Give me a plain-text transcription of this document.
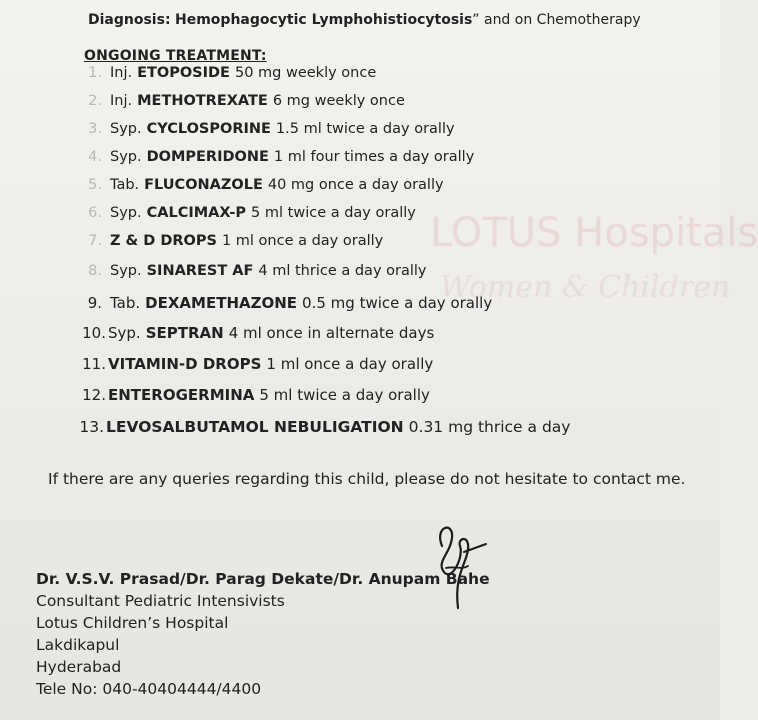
LOTUS Hospitals
Women & Children
Diagnosis: Hemophagocytic Lymphohistiocytosis” and on Chemotherapy
ONGOING TREATMENT:
1. Inj. ETOPOSIDE 50 mg weekly once
2. Inj. METHOTREXATE 6 mg weekly once
3. Syp. CYCLOSPORINE 1.5 ml twice a day orally
4. Syp. DOMPERIDONE 1 ml four times a day orally
5. Tab. FLUCONAZOLE 40 mg once a day orally
6. Syp. CALCIMAX-P 5 ml twice a day orally
7. Z & D DROPS 1 ml once a day orally
8. Syp. SINAREST AF 4 ml thrice a day orally
9. Tab. DEXAMETHAZONE 0.5 mg twice a day orally
10. Syp. SEPTRAN 4 ml once in alternate days
11. VITAMIN-D DROPS 1 ml once a day orally
12. ENTEROGERMINA 5 ml twice a day orally
13. LEVOSALBUTAMOL NEBULIGATION 0.31 mg thrice a day
If there are any queries regarding this child, please do not hesitate to contact me.
Dr. V.S.V. Prasad/Dr. Parag Dekate/Dr. Anupam Bahe
Consultant Pediatric Intensivists
Lotus Children’s Hospital
Lakdikapul
Hyderabad
Tele No: 040-40404444/4400
